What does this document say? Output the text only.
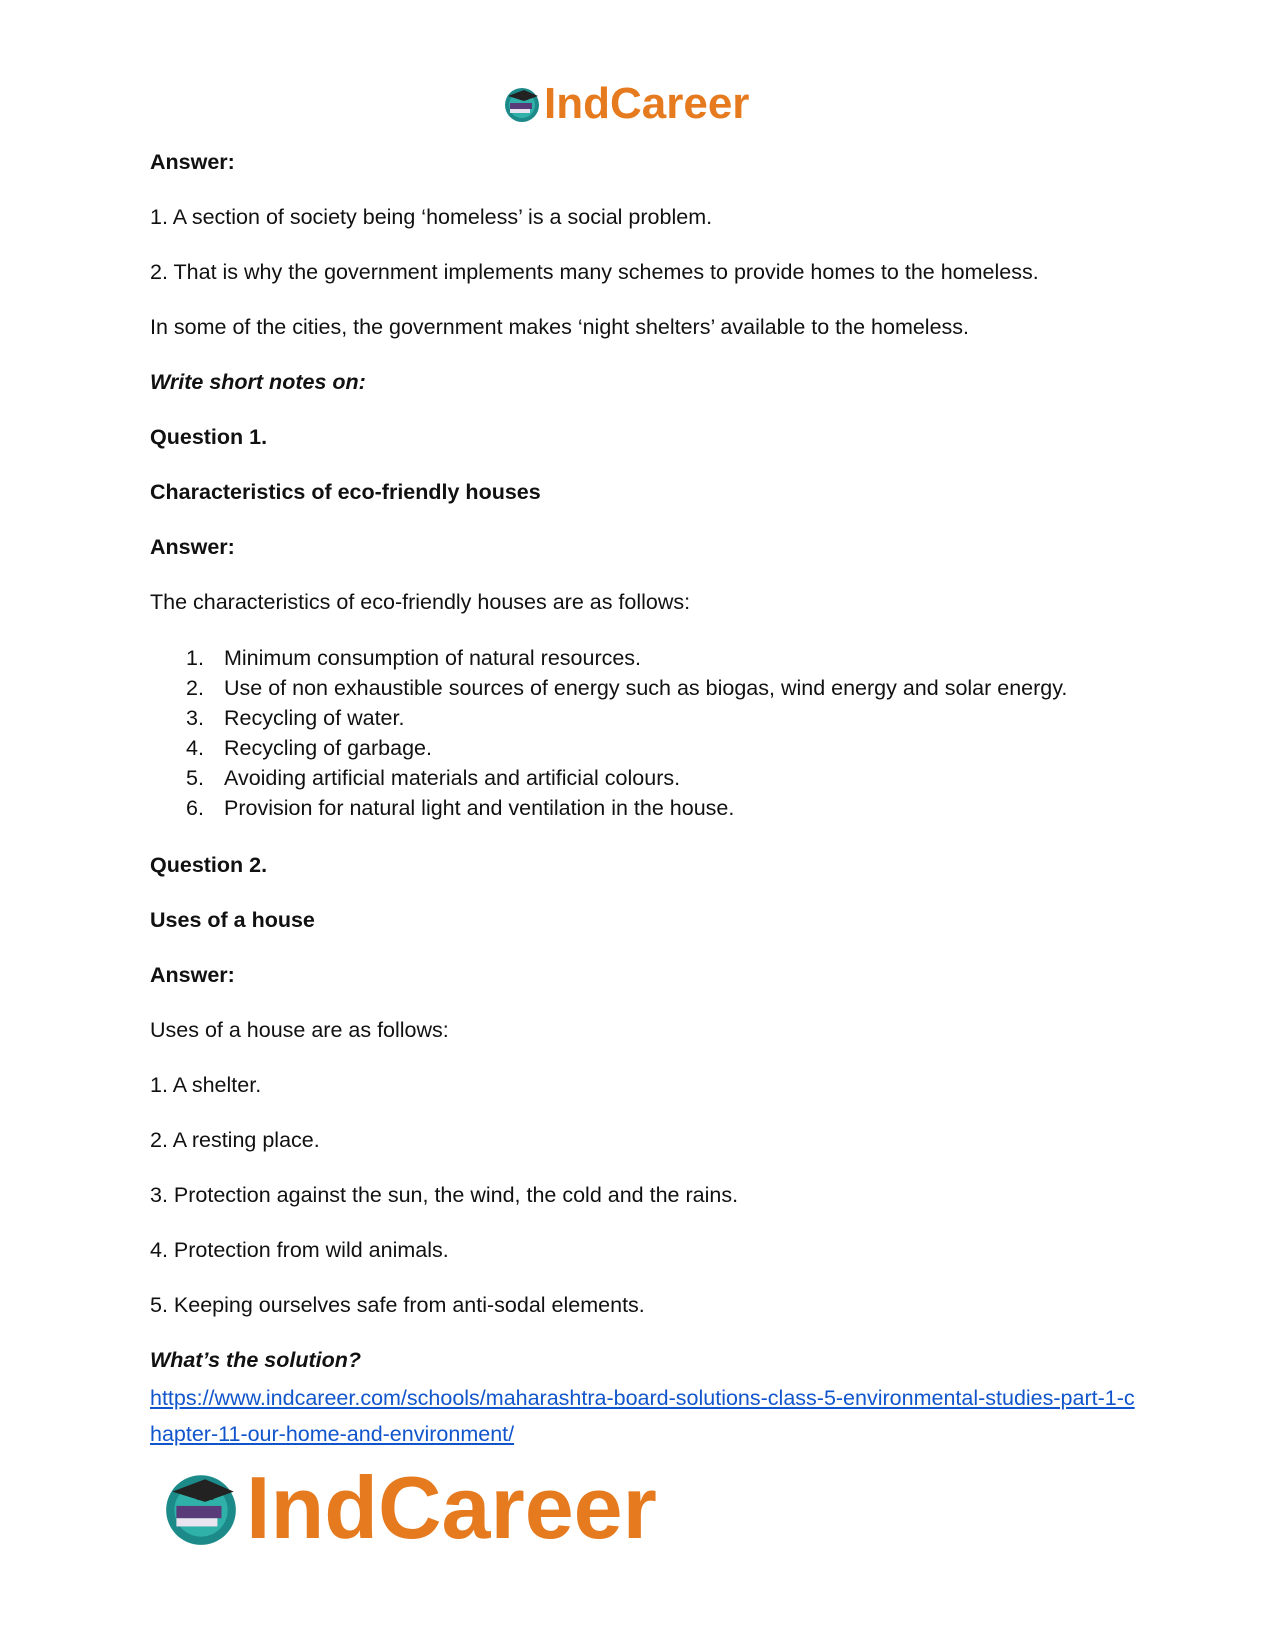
IndCareer

Answer:

1. A section of society being ‘homeless’ is a social problem.

2. That is why the government implements many schemes to provide homes to the homeless.

In some of the cities, the government makes ‘night shelters’ available to the homeless.

Write short notes on:

Question 1.

Characteristics of eco-friendly houses

Answer:

The characteristics of eco-friendly houses are as follows:

1. Minimum consumption of natural resources.
2. Use of non exhaustible sources of energy such as biogas, wind energy and solar energy.
3. Recycling of water.
4. Recycling of garbage.
5. Avoiding artificial materials and artificial colours.
6. Provision for natural light and ventilation in the house.

Question 2.

Uses of a house

Answer:

Uses of a house are as follows:

1. A shelter.

2. A resting place.

3. Protection against the sun, the wind, the cold and the rains.

4. Protection from wild animals.

5. Keeping ourselves safe from anti-sodal elements.

What’s the solution?

https://www.indcareer.com/schools/maharashtra-board-solutions-class-5-environmental-studies-part-1-chapter-11-our-home-and-environment/
IndCareer
